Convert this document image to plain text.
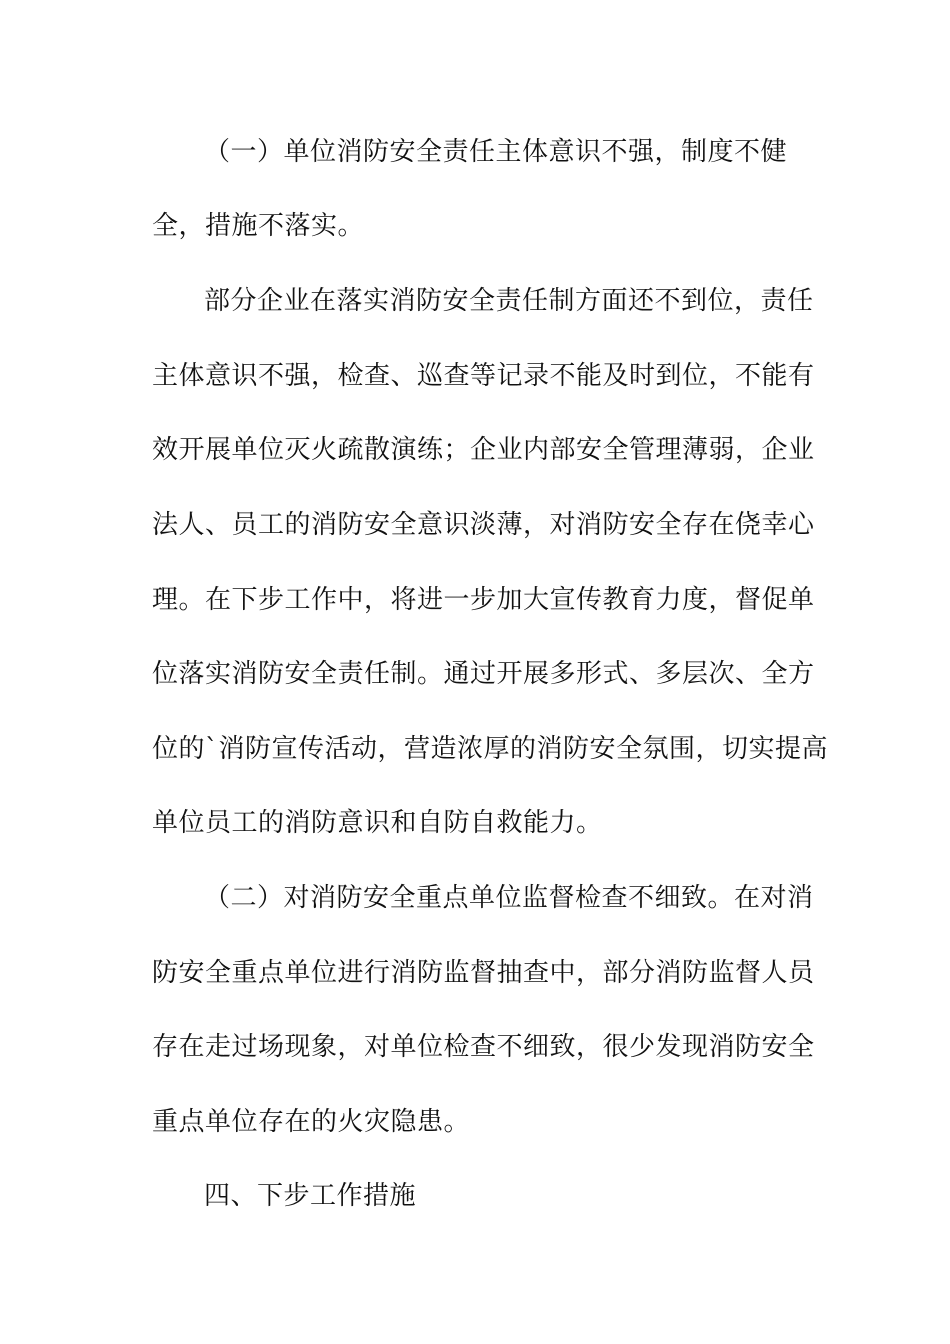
（一）单位消防安全责任主体意识不强，制度不健
全，措施不落实。
部分企业在落实消防安全责任制方面还不到位，责任
主体意识不强，检查、巡查等记录不能及时到位，不能有
效开展单位灭火疏散演练；企业内部安全管理薄弱，企业
法人、员工的消防安全意识淡薄，对消防安全存在侥幸心
理。在下步工作中，将进一步加大宣传教育力度，督促单
位落实消防安全责任制。通过开展多形式、多层次、全方
位的`消防宣传活动，营造浓厚的消防安全氛围，切实提高
单位员工的消防意识和自防自救能力。
（二）对消防安全重点单位监督检查不细致。在对消
防安全重点单位进行消防监督抽查中，部分消防监督人员
存在走过场现象，对单位检查不细致，很少发现消防安全
重点单位存在的火灾隐患。
四、下步工作措施
